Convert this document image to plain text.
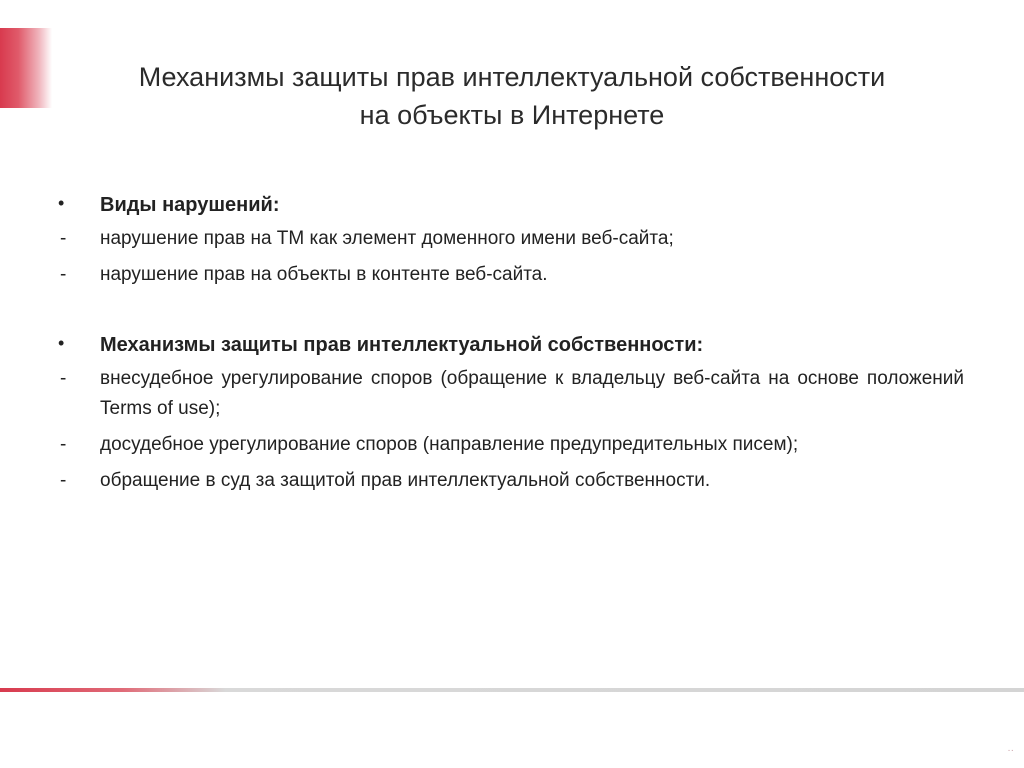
Механизмы защиты прав интеллектуальной собственности
на объекты в Интернете
•	Виды нарушений:
-	нарушение прав на ТМ как элемент доменного имени веб-сайта;
-	нарушение прав на объекты в контенте веб-сайта.
•	Механизмы защиты прав интеллектуальной собственности:
-	внесудебное урегулирование споров (обращение к владельцу веб-сайта на основе положений Terms of use);
-	досудебное урегулирование споров (направление предупредительных писем);
-	обращение в суд за защитой прав интеллектуальной собственности.
··
